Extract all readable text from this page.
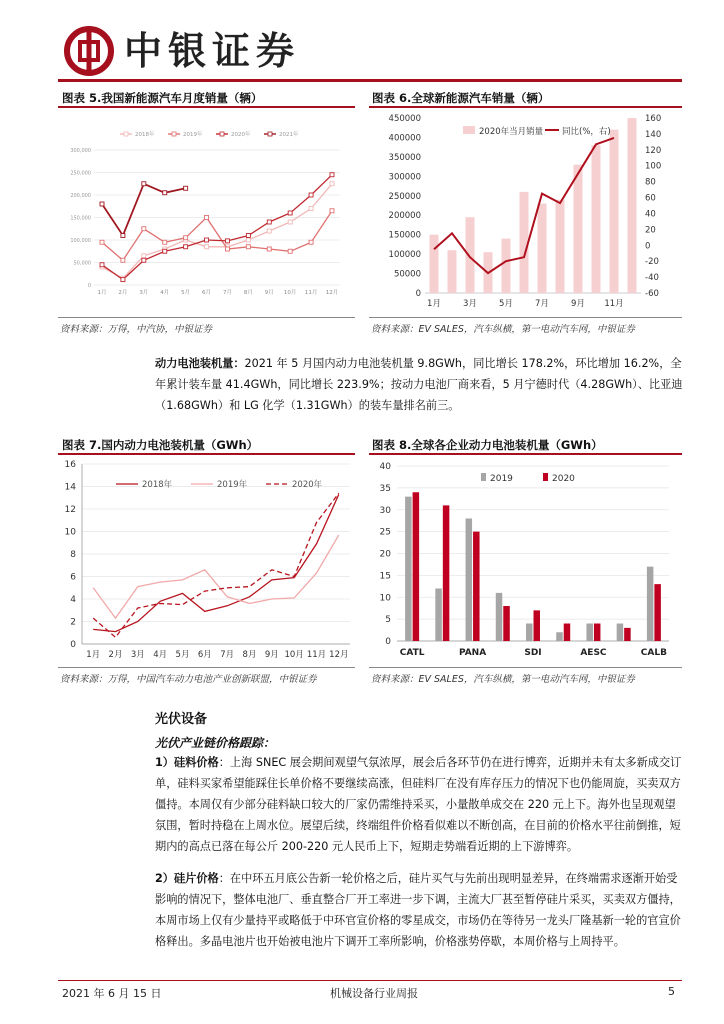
中银证券
图表 5.我国新能源汽车月度销量（辆）
0
50,000
100,000
150,000
200,000
250,000
300,000
1月 2月 3月 4月 5月 6月 7月 8月 9月 10月 11月 12月
2018年	2019年	2020年	2021年
资料来源：万得，中汽协，中银证券
图表 6.全球新能源汽车销量（辆）
0
50000
100000
150000
200000
250000
300000
350000
400000
450000
-60
-40
-20
0
20
40
60
80
100
120
140
160
1月	3月	5月	7月	9月 11月
2020年当月销量 同比(%，右)
资料来源：EV SALES，汽车纵横，第一电动汽车网，中银证券
动力电池装机量：2021 年 5 月国内动力电池装机量 9.8GWh，同比增长 178.2%，环比增加 16.2%，全年累计装车量 41.4GWh，同比增长 223.9%；按动力电池厂商来看，5 月宁德时代（4.28GWh）、比亚迪（1.68GWh）和 LG 化学（1.31GWh）的装车量排名前三。
图表 7.国内动力电池装机量（GWh）
0
2
4
6
8
10
12
14
16
1月 2月 3月 4月 5月 6月 7月 8月 9月 10月 11月 12月
2018年	2019年	2020年
资料来源：万得，中国汽车动力电池产业创新联盟，中银证券
图表 8.全球各企业动力电池装机量（GWh）
0
5
10
15
20
25
30
35
40
CATL	PANA	SDI	AESC	CALB
2019	2020
资料来源：EV SALES，汽车纵横，第一电动汽车网，中银证券
光伏设备
光伏产业链价格跟踪：
1）硅料价格：上海 SNEC 展会期间观望气氛浓厚，展会后各环节仍在进行博弈，近期并未有太多新成交订单，硅料买家希望能踩住长单价格不要继续高涨，但硅料厂在没有库存压力的情况下也仍能周旋，买卖双方僵持。本周仅有少部分硅料缺口较大的厂家仍需维持采买，小量散单成交在 220 元上下。海外也呈现观望氛围，暂时持稳在上周水位。展望后续，终端组件价格看似难以不断创高，在目前的价格水平往前倒推，短期内的高点已落在每公斤 200-220 元人民币上下，短期走势端看近期的上下游博弈。
2）硅片价格：在中环五月底公告新一轮价格之后，硅片买气与先前出现明显差异，在终端需求逐渐开始受影响的情况下，整体电池厂、垂直整合厂开工率进一步下调，主流大厂甚至暂停硅片采买，买卖双方僵持，本周市场上仅有少量持平或略低于中环官宣价格的零星成交，市场仍在等待另一龙头厂隆基新一轮的官宣价格释出。多晶电池片也开始被电池片下调开工率所影响，价格涨势停歇，本周价格与上周持平。
2021 年 6 月 15 日	机械设备行业周报	5
